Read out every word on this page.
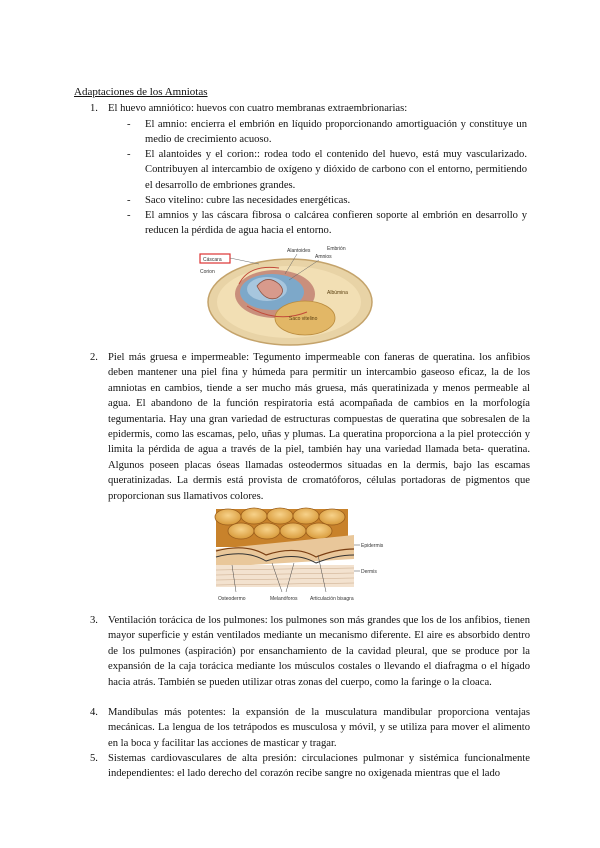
Adaptaciones de los Amniotas
1. El huevo amniótico: huevos con cuatro membranas extraembrionarias:
- El amnio: encierra el embrión en líquido proporcionando amortiguación y constituye un medio de crecimiento acuoso.
- El alantoides y el corion:: rodea todo el contenido del huevo, está muy vascularizado. Contribuyen al intercambio de oxígeno y dióxido de carbono con el entorno, permitiendo el desarrollo de embriones grandes.
- Saco vitelino: cubre las necesidades energéticas.
- El amnios y las cáscara fibrosa o calcárea confieren soporte al embrión en desarrollo y reducen la pérdida de agua hacia el entorno.
Cáscara
Corion
Alantoides
Amnios
Embrión
Saco vitelino
Albúmina
2. Piel más gruesa e impermeable: Tegumento impermeable con faneras de queratina. los anfibios deben mantener una piel fina y húmeda para permitir un intercambio gaseoso eficaz, la de los amniotas en cambios, tiende a ser mucho más gruesa, más queratinizada y menos permeable al agua. El abandono de la función respiratoria está acompañada de cambios en la morfología tegumentaria. Hay una gran variedad de estructuras compuestas de queratina que sobresalen de la epidermis, como las escamas, pelo, uñas y plumas. La queratina proporciona a la piel protección y limita la pérdida de agua a través de la piel, también hay una variedad llamada beta- queratina. Algunos poseen placas óseas llamadas osteodermos situadas en la dermis, bajo las escamas queratinizadas. La dermis está provista de cromatóforos, células portadoras de pigmentos que proporcionan sus llamativos colores.
Epidermis
Dermis
Osteodermo	Melanóforos Articulación bisagra
3. Ventilación torácica de los pulmones: los pulmones son más grandes que los de los anfibios, tienen mayor superficie y están ventilados mediante un mecanismo diferente. El aire es absorbido dentro de los pulmones (aspiración) por ensanchamiento de la cavidad pleural, que se produce por la expansión de la caja torácica mediante los músculos costales o llevando el diafragma o el hígado hacia atrás. También se pueden utilizar otras zonas del cuerpo, como la faringe o la cloaca.
4. Mandíbulas más potentes: la expansión de la musculatura mandibular proporciona ventajas mecánicas. La lengua de los tetrápodos es musculosa y móvil, y se utiliza para mover el alimento en la boca y facilitar las acciones de masticar y tragar.
5. Sistemas cardiovasculares de alta presión: circulaciones pulmonar y sistémica funcionalmente independientes: el lado derecho del corazón recibe sangre no oxigenada mientras que el lado
